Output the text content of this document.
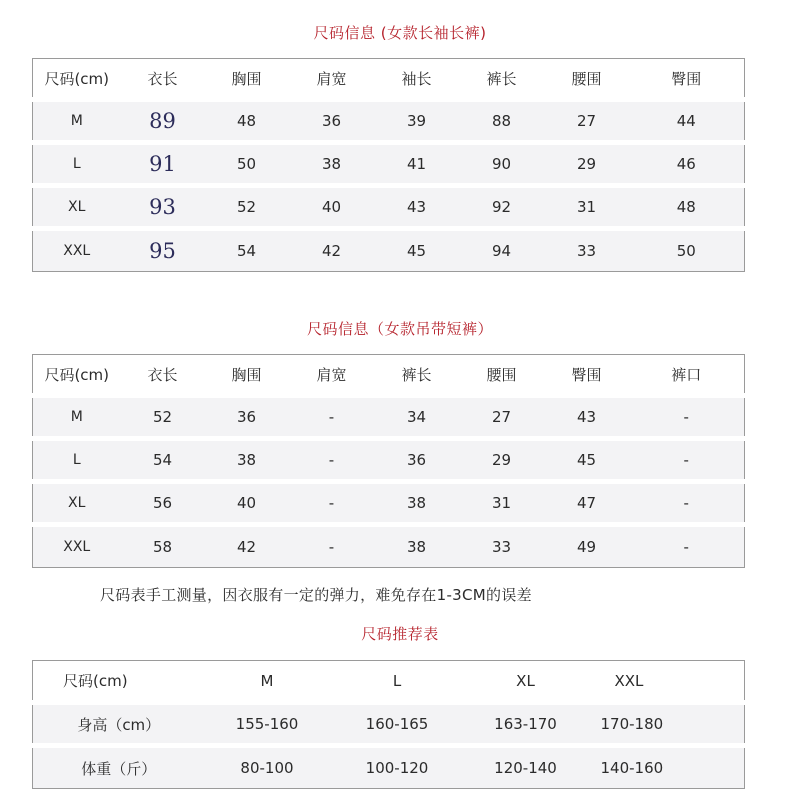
尺码信息 (女款长袖长裤)
尺码(cm)	衣长	胸围	肩宽	袖长	裤长	腰围	臀围
M	89	48	36	39	88	27	44
L	91	50	38	41	90	29	46
XL	93	52	40	43	92	31	48
XXL	95	54	42	45	94	33	50
尺码信息（女款吊带短裤）
尺码(cm)	衣长	胸围	肩宽	裤长	腰围	臀围	裤口
M	52	36	-	34	27	43	-
L	54	38	-	36	29	45	-
XL	56	40	-	38	31	47	-
XXL	58	42	-	38	33	49	-
尺码表手工测量，因衣服有一定的弹力，难免存在1-3CM的误差
尺码推荐表
尺码(cm)	M	L	XL	XXL
身高（cm）	155-160	160-165	163-170	170-180
体重（斤）	80-100	100-120	120-140	140-160
